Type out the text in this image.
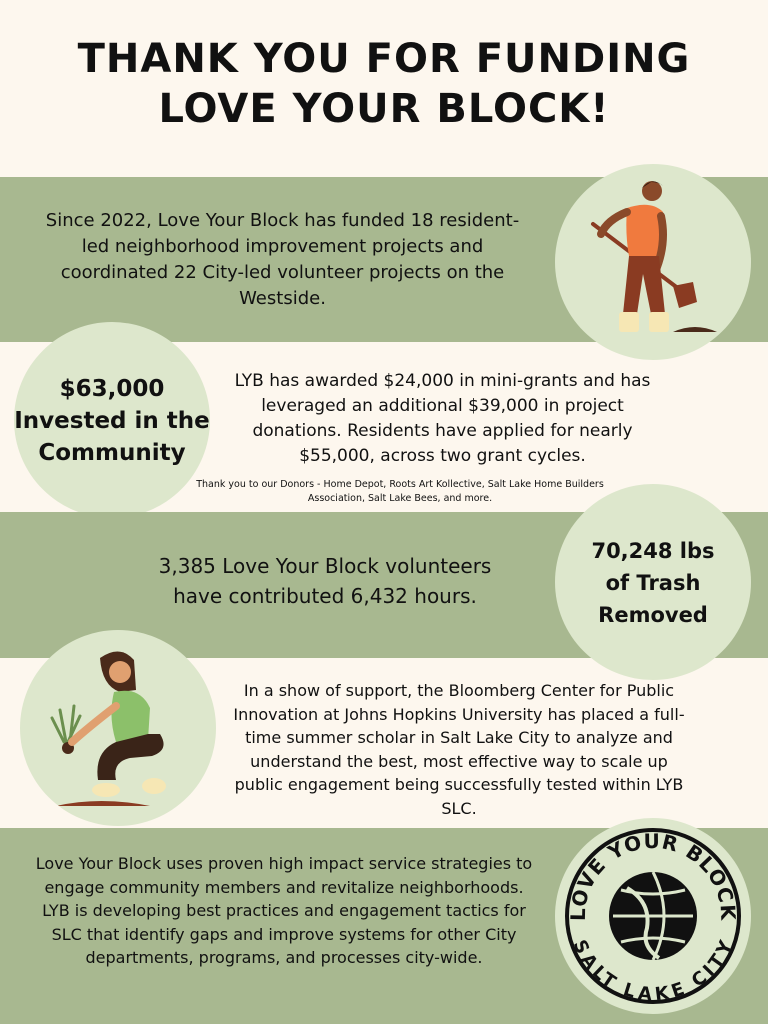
THANK YOU FOR FUNDING
LOVE YOUR BLOCK!

Since 2022, Love Your Block has funded 18 resident-led neighborhood improvement projects and coordinated 22 City-led volunteer projects on the Westside.

$63,000
Invested in the
Community

LYB has awarded $24,000 in mini-grants and has leveraged an additional $39,000 in project donations. Residents have applied for nearly $55,000, across two grant cycles.

Thank you to our Donors - Home Depot, Roots Art Kollective, Salt Lake Home Builders Association, Salt Lake Bees, and more.

3,385 Love Your Block volunteers have contributed 6,432 hours.

70,248 lbs
of Trash
Removed

In a show of support, the Bloomberg Center for Public Innovation at Johns Hopkins University has placed a full-time summer scholar in Salt Lake City to analyze and understand the best, most effective way to scale up public engagement being successfully tested within LYB SLC.

Love Your Block uses proven high impact service strategies to engage community members and revitalize neighborhoods. LYB is developing best practices and engagement tactics for SLC that identify gaps and improve systems for other City departments, programs, and processes city-wide.

LOVE YOUR BLOCK
SALT LAKE CITY
